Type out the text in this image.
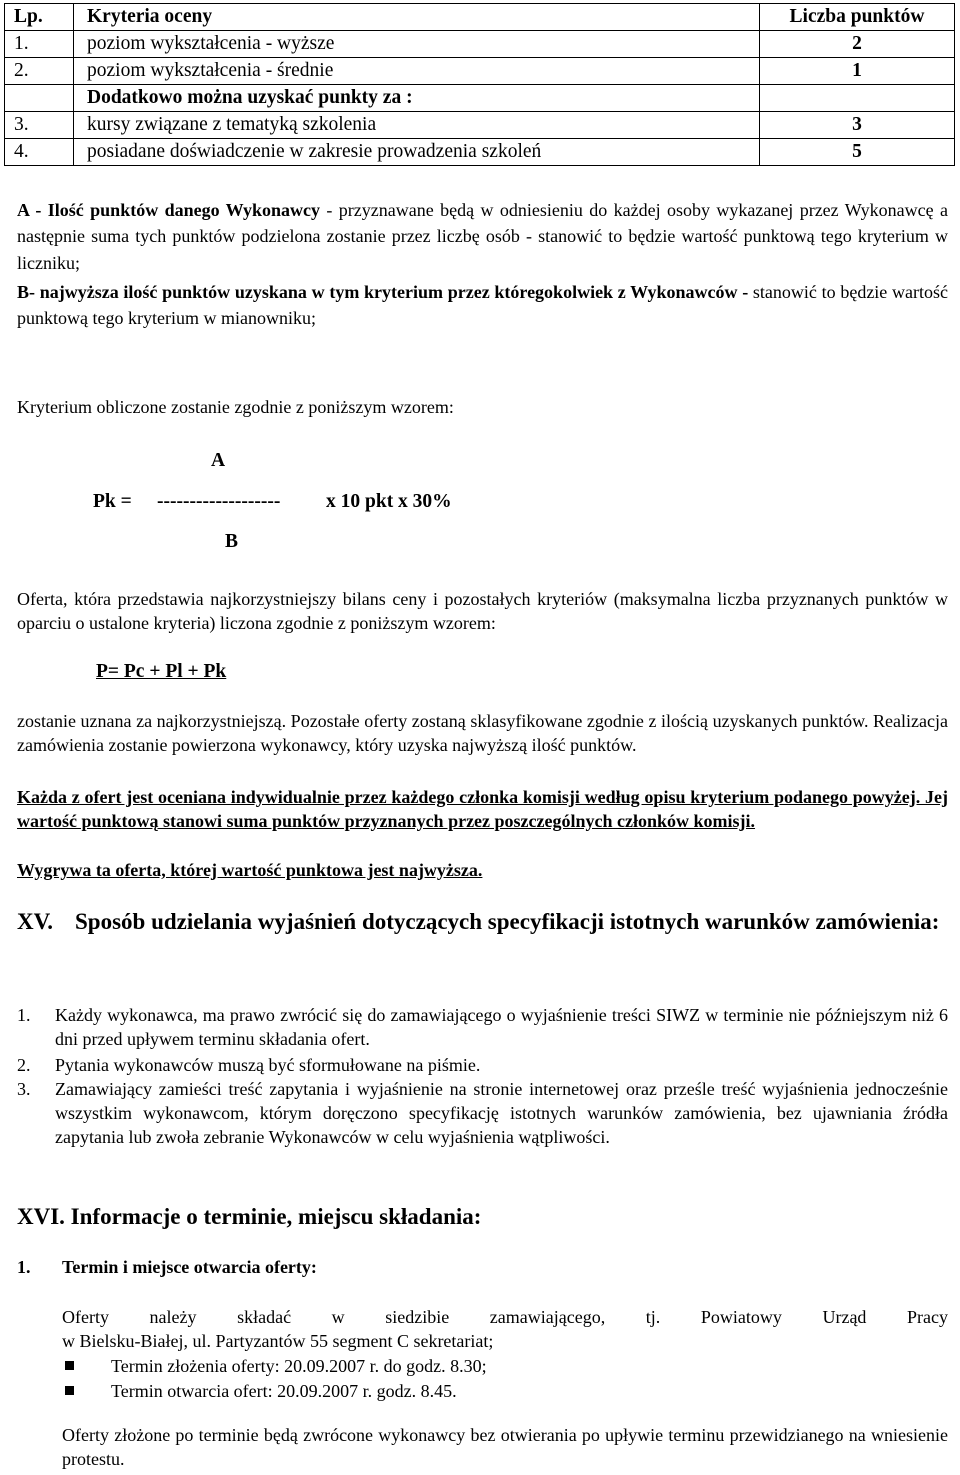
Lp.	Kryteria oceny	Liczba punktów
1.	poziom wykształcenia - wyższe	2
2.	poziom wykształcenia - średnie	1
	Dodatkowo można uzyskać punkty za :	
3.	kursy związane z tematyką szkolenia	3
4.	posiadane doświadczenie w zakresie prowadzenia szkoleń	5
A - Ilość punktów danego Wykonawcy - przyznawane będą w odniesieniu do każdej osoby wykazanej przez Wykonawcę a następnie suma tych punktów podzielona zostanie przez liczbę osób - stanowić to będzie wartość punktową tego kryterium w liczniku;
B- najwyższa ilość punktów uzyskana w tym kryterium przez któregokolwiek z Wykonawców - stanowić to będzie wartość punktową tego kryterium w mianowniku;
Kryterium obliczone zostanie zgodnie z poniższym wzorem:
A
Pk = ------------------- x 10 pkt x 30%
B
Oferta, która przedstawia najkorzystniejszy bilans ceny i pozostałych kryteriów (maksymalna liczba przyznanych punktów w oparciu o ustalone kryteria) liczona zgodnie z poniższym wzorem:
P= Pc + Pl + Pk
zostanie uznana za najkorzystniejszą. Pozostałe oferty zostaną sklasyfikowane zgodnie z ilością uzyskanych punktów. Realizacja zamówienia zostanie powierzona wykonawcy, który uzyska najwyższą ilość punktów.
Każda z ofert jest oceniana indywidualnie przez każdego członka komisji według opisu kryterium podanego powyżej. Jej wartość punktową stanowi suma punktów przyznanych przez poszczególnych członków komisji.
Wygrywa ta oferta, której wartość punktowa jest najwyższa.
XV. Sposób udzielania wyjaśnień dotyczących specyfikacji istotnych warunków zamówienia:
1. Każdy wykonawca, ma prawo zwrócić się do zamawiającego o wyjaśnienie treści SIWZ w terminie nie późniejszym niż 6 dni przed upływem terminu składania ofert.
2. Pytania wykonawców muszą być sformułowane na piśmie.
3. Zamawiający zamieści treść zapytania i wyjaśnienie na stronie internetowej oraz prześle treść wyjaśnienia jednocześnie wszystkim wykonawcom, którym doręczono specyfikację istotnych warunków zamówienia, bez ujawniania źródła zapytania lub zwoła zebranie Wykonawców w celu wyjaśnienia wątpliwości.
XVI. Informacje o terminie, miejscu składania:
1. Termin i miejsce otwarcia oferty:
Oferty należy składać w siedzibie zamawiającego, tj. Powiatowy Urząd Pracy
w Bielsku-Białej, ul. Partyzantów 55 segment C sekretariat;
Termin złożenia oferty: 20.09.2007 r. do godz. 8.30;
Termin otwarcia ofert: 20.09.2007 r. godz. 8.45.
Oferty złożone po terminie będą zwrócone wykonawcy bez otwierania po upływie terminu przewidzianego na wniesienie protestu.
